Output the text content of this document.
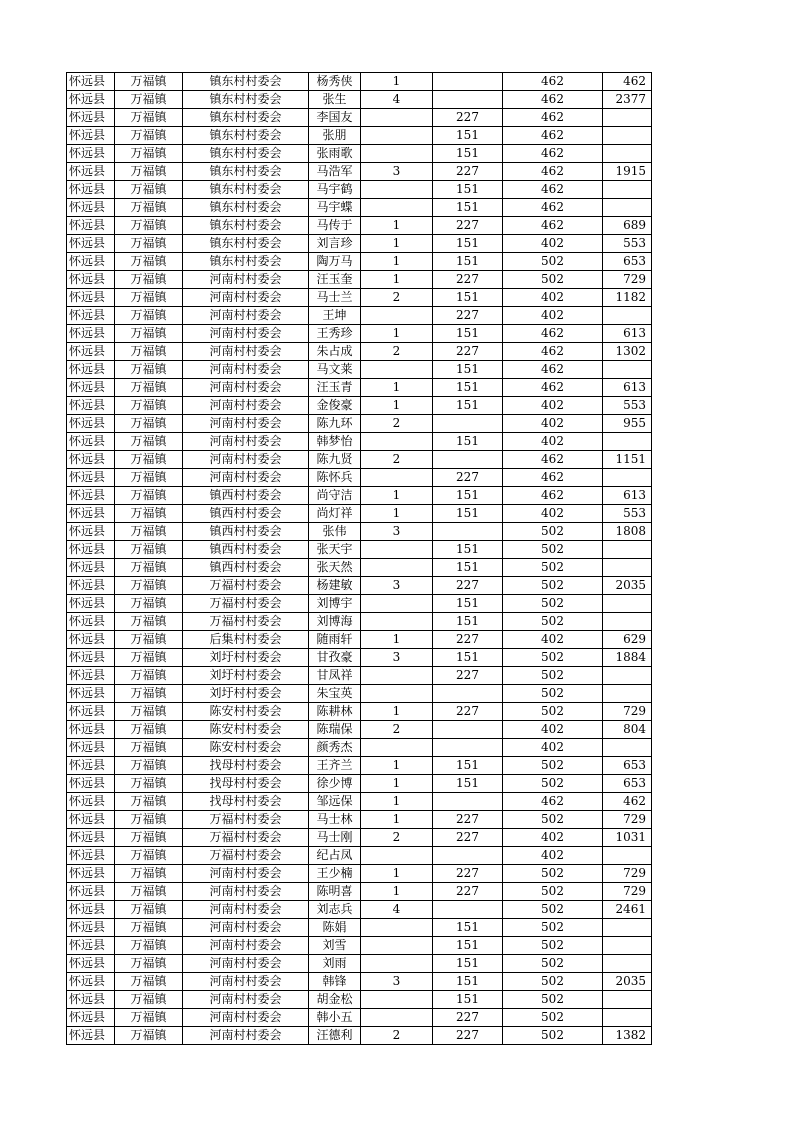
怀远县	万福镇	镇东村村委会	杨秀侠	1		462	462
怀远县	万福镇	镇东村村委会	张生	4		462	2377
怀远县	万福镇	镇东村村委会	李国友		227	462	
怀远县	万福镇	镇东村村委会	张朋		151	462	
怀远县	万福镇	镇东村村委会	张雨歌		151	462	
怀远县	万福镇	镇东村村委会	马浩军	3	227	462	1915
怀远县	万福镇	镇东村村委会	马宇鹤		151	462	
怀远县	万福镇	镇东村村委会	马宇蝶		151	462	
怀远县	万福镇	镇东村村委会	马传于	1	227	462	689
怀远县	万福镇	镇东村村委会	刘言珍	1	151	402	553
怀远县	万福镇	镇东村村委会	陶万马	1	151	502	653
怀远县	万福镇	河南村村委会	汪玉奎	1	227	502	729
怀远县	万福镇	河南村村委会	马士兰	2	151	402	1182
怀远县	万福镇	河南村村委会	王坤		227	402	
怀远县	万福镇	河南村村委会	王秀珍	1	151	462	613
怀远县	万福镇	河南村村委会	朱占成	2	227	462	1302
怀远县	万福镇	河南村村委会	马文莱		151	462	
怀远县	万福镇	河南村村委会	汪玉青	1	151	462	613
怀远县	万福镇	河南村村委会	金俊豪	1	151	402	553
怀远县	万福镇	河南村村委会	陈九环	2		402	955
怀远县	万福镇	河南村村委会	韩梦怡		151	402	
怀远县	万福镇	河南村村委会	陈九贤	2		462	1151
怀远县	万福镇	河南村村委会	陈怀兵		227	462	
怀远县	万福镇	镇西村村委会	尚守洁	1	151	462	613
怀远县	万福镇	镇西村村委会	尚灯祥	1	151	402	553
怀远县	万福镇	镇西村村委会	张伟	3		502	1808
怀远县	万福镇	镇西村村委会	张天宇		151	502	
怀远县	万福镇	镇西村村委会	张天然		151	502	
怀远县	万福镇	万福村村委会	杨建敏	3	227	502	2035
怀远县	万福镇	万福村村委会	刘博宇		151	502	
怀远县	万福镇	万福村村委会	刘博海		151	502	
怀远县	万福镇	后集村村委会	随雨轩	1	227	402	629
怀远县	万福镇	刘圩村村委会	甘孜豪	3	151	502	1884
怀远县	万福镇	刘圩村村委会	甘凤祥		227	502	
怀远县	万福镇	刘圩村村委会	朱宝英			502	
怀远县	万福镇	陈安村村委会	陈耕林	1	227	502	729
怀远县	万福镇	陈安村村委会	陈瑞保	2		402	804
怀远县	万福镇	陈安村村委会	颜秀杰			402	
怀远县	万福镇	找母村村委会	王齐兰	1	151	502	653
怀远县	万福镇	找母村村委会	徐少博	1	151	502	653
怀远县	万福镇	找母村村委会	邹远保	1		462	462
怀远县	万福镇	万福村村委会	马士林	1	227	502	729
怀远县	万福镇	万福村村委会	马士刚	2	227	402	1031
怀远县	万福镇	万福村村委会	纪占凤			402	
怀远县	万福镇	河南村村委会	王少楠	1	227	502	729
怀远县	万福镇	河南村村委会	陈明喜	1	227	502	729
怀远县	万福镇	河南村村委会	刘志兵	4		502	2461
怀远县	万福镇	河南村村委会	陈娟		151	502	
怀远县	万福镇	河南村村委会	刘雪		151	502	
怀远县	万福镇	河南村村委会	刘雨		151	502	
怀远县	万福镇	河南村村委会	韩锋	3	151	502	2035
怀远县	万福镇	河南村村委会	胡金松		151	502	
怀远县	万福镇	河南村村委会	韩小五		227	502	
怀远县	万福镇	河南村村委会	汪德利	2	227	502	1382
